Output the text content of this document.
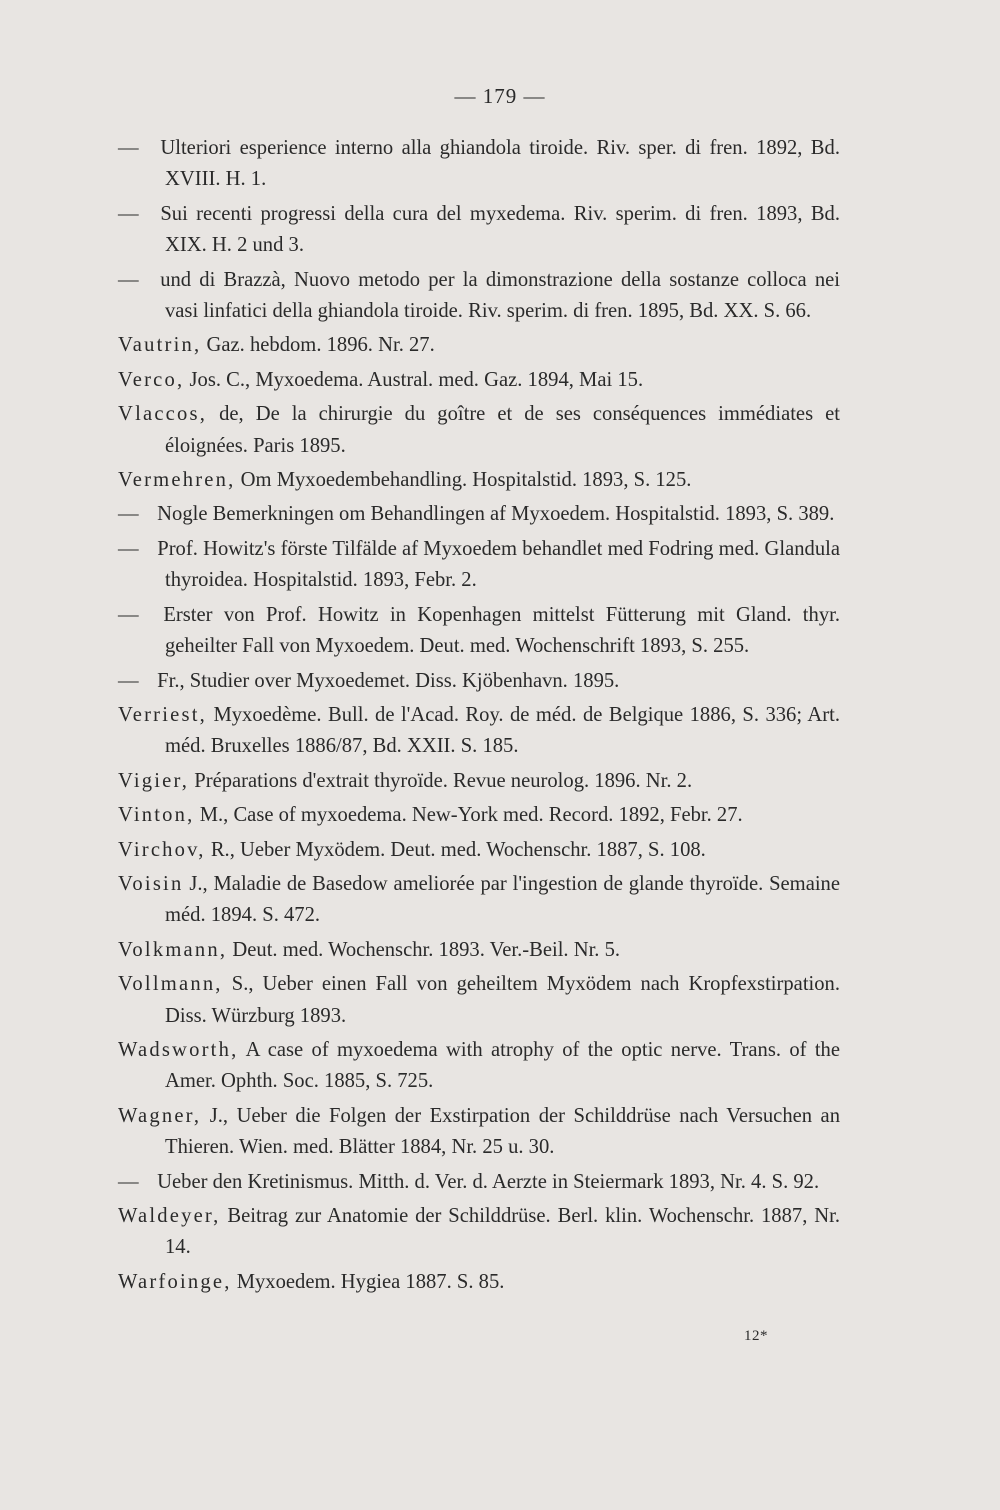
— 179 —
— Ulteriori esperience interno alla ghiandola tiroide. Riv. sper. di fren. 1892, Bd. XVIII. H. 1.
— Sui recenti progressi della cura del myxedema. Riv. sperim. di fren. 1893, Bd. XIX. H. 2 und 3.
— und di Brazzà, Nuovo metodo per la dimonstrazione della sostanze colloca nei vasi linfatici della ghiandola tiroide. Riv. sperim. di fren. 1895, Bd. XX. S. 66.
Vautrin, Gaz. hebdom. 1896. Nr. 27.
Verco, Jos. C., Myxoedema. Austral. med. Gaz. 1894, Mai 15.
Vlaccos, de, De la chirurgie du goître et de ses conséquences immédiates et éloignées. Paris 1895.
Vermehren, Om Myxoedembehandling. Hospitalstid. 1893, S. 125.
— Nogle Bemerkningen om Behandlingen af Myxoedem. Hospitalstid. 1893, S. 389.
— Prof. Howitz's förste Tilfälde af Myxoedem behandlet med Fodring med. Glandula thyroidea. Hospitalstid. 1893, Febr. 2.
— Erster von Prof. Howitz in Kopenhagen mittelst Fütterung mit Gland. thyr. geheilter Fall von Myxoedem. Deut. med. Wochenschrift 1893, S. 255.
— Fr., Studier over Myxoedemet. Diss. Kjöbenhavn. 1895.
Verriest, Myxoedème. Bull. de l'Acad. Roy. de méd. de Belgique 1886, S. 336; Art. méd. Bruxelles 1886/87, Bd. XXII. S. 185.
Vigier, Préparations d'extrait thyroïde. Revue neurolog. 1896. Nr. 2.
Vinton, M., Case of myxoedema. New-York med. Record. 1892, Febr. 27.
Virchov, R., Ueber Myxödem. Deut. med. Wochenschr. 1887, S. 108.
Voisin J., Maladie de Basedow ameliorée par l'ingestion de glande thyroïde. Semaine méd. 1894. S. 472.
Volkmann, Deut. med. Wochenschr. 1893. Ver.-Beil. Nr. 5.
Vollmann, S., Ueber einen Fall von geheiltem Myxödem nach Kropfexstirpation. Diss. Würzburg 1893.
Wadsworth, A case of myxoedema with atrophy of the optic nerve. Trans. of the Amer. Ophth. Soc. 1885, S. 725.
Wagner, J., Ueber die Folgen der Exstirpation der Schilddrüse nach Versuchen an Thieren. Wien. med. Blätter 1884, Nr. 25 u. 30.
— Ueber den Kretinismus. Mitth. d. Ver. d. Aerzte in Steiermark 1893, Nr. 4. S. 92.
Waldeyer, Beitrag zur Anatomie der Schilddrüse. Berl. klin. Wochenschr. 1887, Nr. 14.
Warfoinge, Myxoedem. Hygiea 1887. S. 85.
12*
